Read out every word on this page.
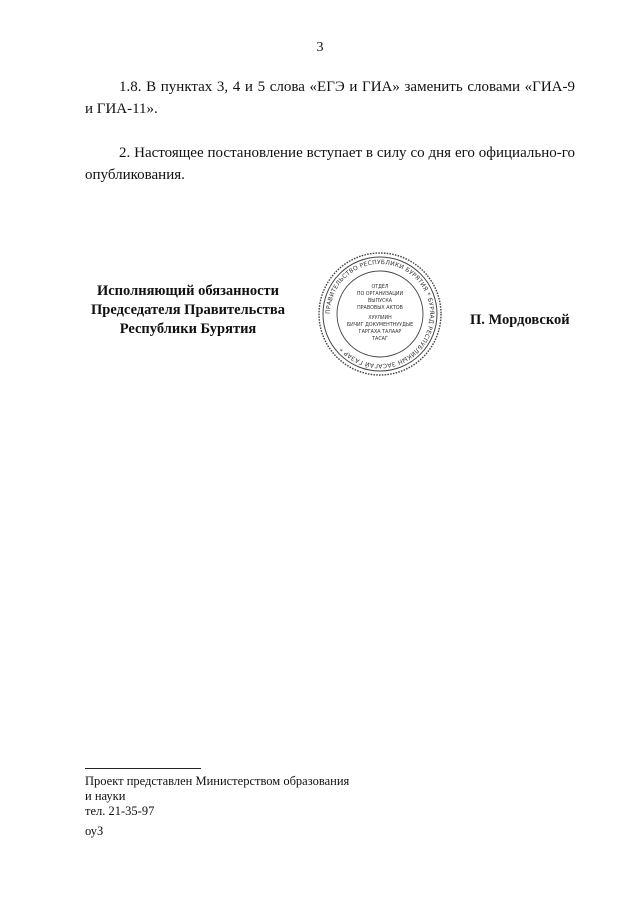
3
1.8. В пунктах 3, 4 и 5 слова «ЕГЭ и ГИА» заменить словами «ГИА-9 и ГИА-11».
2. Настоящее постановление вступает в силу со дня его официально-го опубликования.
Исполняющий обязанности
Председателя Правительства
Республики Бурятия
ПРАВИТЕЛЬСТВО РЕСПУБЛИКИ БУРЯТИЯ * БУРЯАД РЕСПУБЛИКЫН ЗАСАГАЙ ГАЗАР *
ОТДЕЛ
ПО ОРГАНИЗАЦИИ
ВЫПУСКА
ПРАВОВЫХ АКТОВ
ХУУЛИИН
БИЧИГ ДОКУМЕНТНУУДЫЕ
ГАРГАХА ТАЛААР
ТАСАГ
П. Мордовской
Проект представлен Министерством образования
и науки
тел. 21-35-97
оуЗ
